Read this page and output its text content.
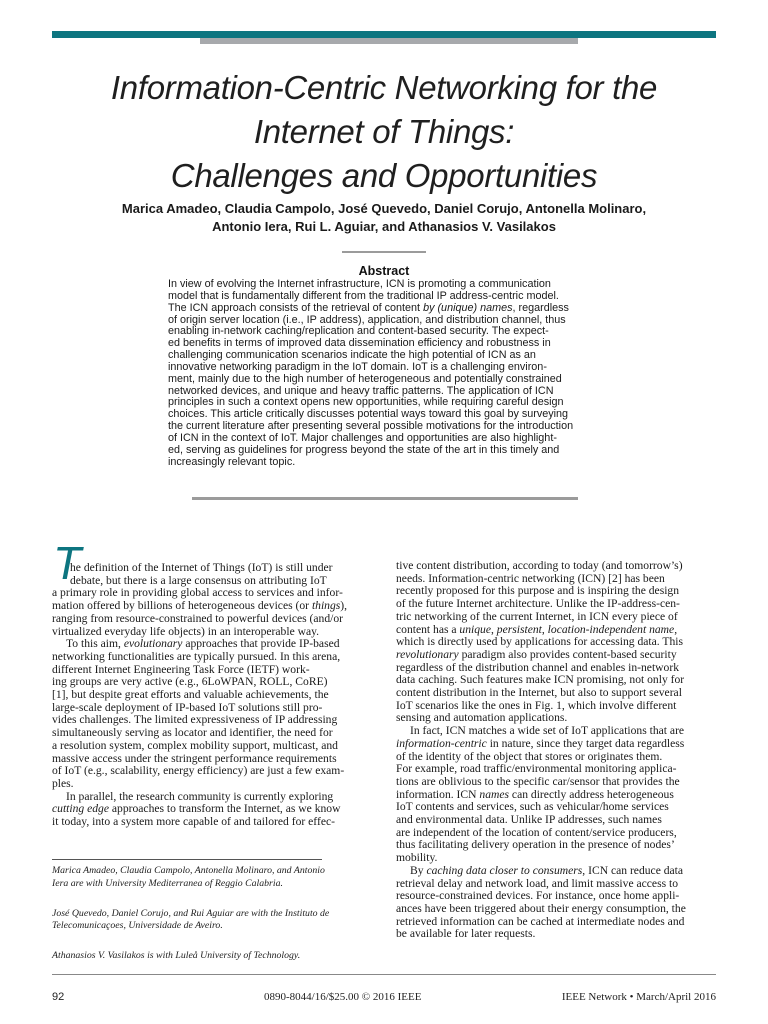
Information-Centric Networking for the
Internet of Things:
Challenges and Opportunities
Marica Amadeo, Claudia Campolo, José Quevedo, Daniel Corujo, Antonella Molinaro,
Antonio Iera, Rui L. Aguiar, and Athanasios V. Vasilakos
Abstract
In view of evolving the Internet infrastructure, ICN is promoting a communication
model that is fundamentally different from the traditional IP address-centric model.
The ICN approach consists of the retrieval of content by (unique) names, regardless
of origin server location (i.e., IP address), application, and distribution channel, thus
enabling in-network caching/replication and content-based security. The expect-
ed benefits in terms of improved data dissemination efficiency and robustness in
challenging communication scenarios indicate the high potential of ICN as an
innovative networking paradigm in the IoT domain. IoT is a challenging environ-
ment, mainly due to the high number of heterogeneous and potentially constrained
networked devices, and unique and heavy traffic patterns. The application of ICN
principles in such a context opens new opportunities, while requiring careful design
choices. This article critically discusses potential ways toward this goal by surveying
the current literature after presenting several possible motivations for the introduction
of ICN in the context of IoT. Major challenges and opportunities are also highlight-
ed, serving as guidelines for progress beyond the state of the art in this timely and
increasingly relevant topic.
T
he definition of the Internet of Things (IoT) is still under
debate, but there is a large consensus on attributing IoT
a primary role in providing global access to services and infor-
mation offered by billions of heterogeneous devices (or things),
ranging from resource-constrained to powerful devices (and/or
virtualized everyday life objects) in an interoperable way.
To this aim, evolutionary approaches that provide IP-based
networking functionalities are typically pursued. In this arena,
different Internet Engineering Task Force (IETF) work-
ing groups are very active (e.g., 6LoWPAN, ROLL, CoRE)
[1], but despite great efforts and valuable achievements, the
large-scale deployment of IP-based IoT solutions still pro-
vides challenges. The limited expressiveness of IP addressing
simultaneously serving as locator and identifier, the need for
a resolution system, complex mobility support, multicast, and
massive access under the stringent performance requirements
of IoT (e.g., scalability, energy efficiency) are just a few exam-
ples.
In parallel, the research community is currently exploring
cutting edge approaches to transform the Internet, as we know
it today, into a system more capable of and tailored for effec-
tive content distribution, according to today (and tomorrow’s)
needs. Information-centric networking (ICN) [2] has been
recently proposed for this purpose and is inspiring the design
of the future Internet architecture. Unlike the IP-address-cen-
tric networking of the current Internet, in ICN every piece of
content has a unique, persistent, location-independent name,
which is directly used by applications for accessing data. This
revolutionary paradigm also provides content-based security
regardless of the distribution channel and enables in-network
data caching. Such features make ICN promising, not only for
content distribution in the Internet, but also to support several
IoT scenarios like the ones in Fig. 1, which involve different
sensing and automation applications.
In fact, ICN matches a wide set of IoT applications that are
information-centric in nature, since they target data regardless
of the identity of the object that stores or originates them.
For example, road traffic/environmental monitoring applica-
tions are oblivious to the specific car/sensor that provides the
information. ICN names can directly address heterogeneous
IoT contents and services, such as vehicular/home services
and environmental data. Unlike IP addresses, such names
are independent of the location of content/service producers,
thus facilitating delivery operation in the presence of nodes’
mobility.
By caching data closer to consumers, ICN can reduce data
retrieval delay and network load, and limit massive access to
resource-constrained devices. For instance, once home appli-
ances have been triggered about their energy consumption, the
retrieved information can be cached at intermediate nodes and
be available for later requests.
Marica Amadeo, Claudia Campolo, Antonella Molinaro, and Antonio
Iera are with University Mediterranea of Reggio Calabria.
José Quevedo, Daniel Corujo, and Rui Aguiar are with the Instituto de
Telecomunicaçoes, Universidade de Aveiro.
Athanasios V. Vasilakos is with Luleå University of Technology.
92	0890-8044/16/$25.00 © 2016 IEEE	IEEE Network • March/April 2016
